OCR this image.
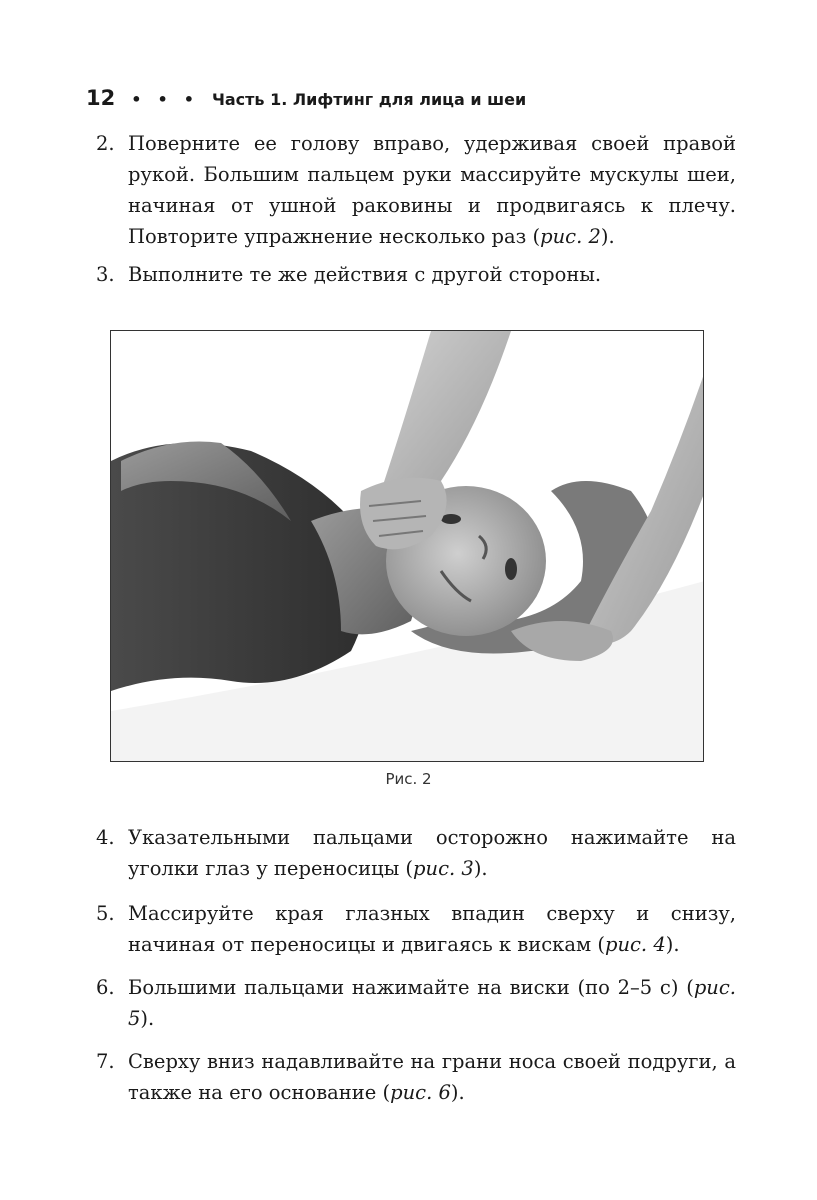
12 • • • Часть 1. Лифтинг для лица и шеи
2. Поверните ее голову вправо, удерживая своей правой рукой. Большим пальцем руки массируйте мускулы шеи, начиная от ушной раковины и продвигаясь к плечу. Повторите упражнение несколько раз (рис. 2).
3. Выполните те же действия с другой стороны.
Рис. 2
4. Указательными пальцами осторожно нажимайте на уголки глаз у переносицы (рис. 3).
5. Массируйте края глазных впадин сверху и снизу, начиная от переносицы и двигаясь к вискам (рис. 4).
6. Большими пальцами нажимайте на виски (по 2–5 с) (рис. 5).
7. Сверху вниз надавливайте на грани носа своей подруги, а также на его основание (рис. 6).
